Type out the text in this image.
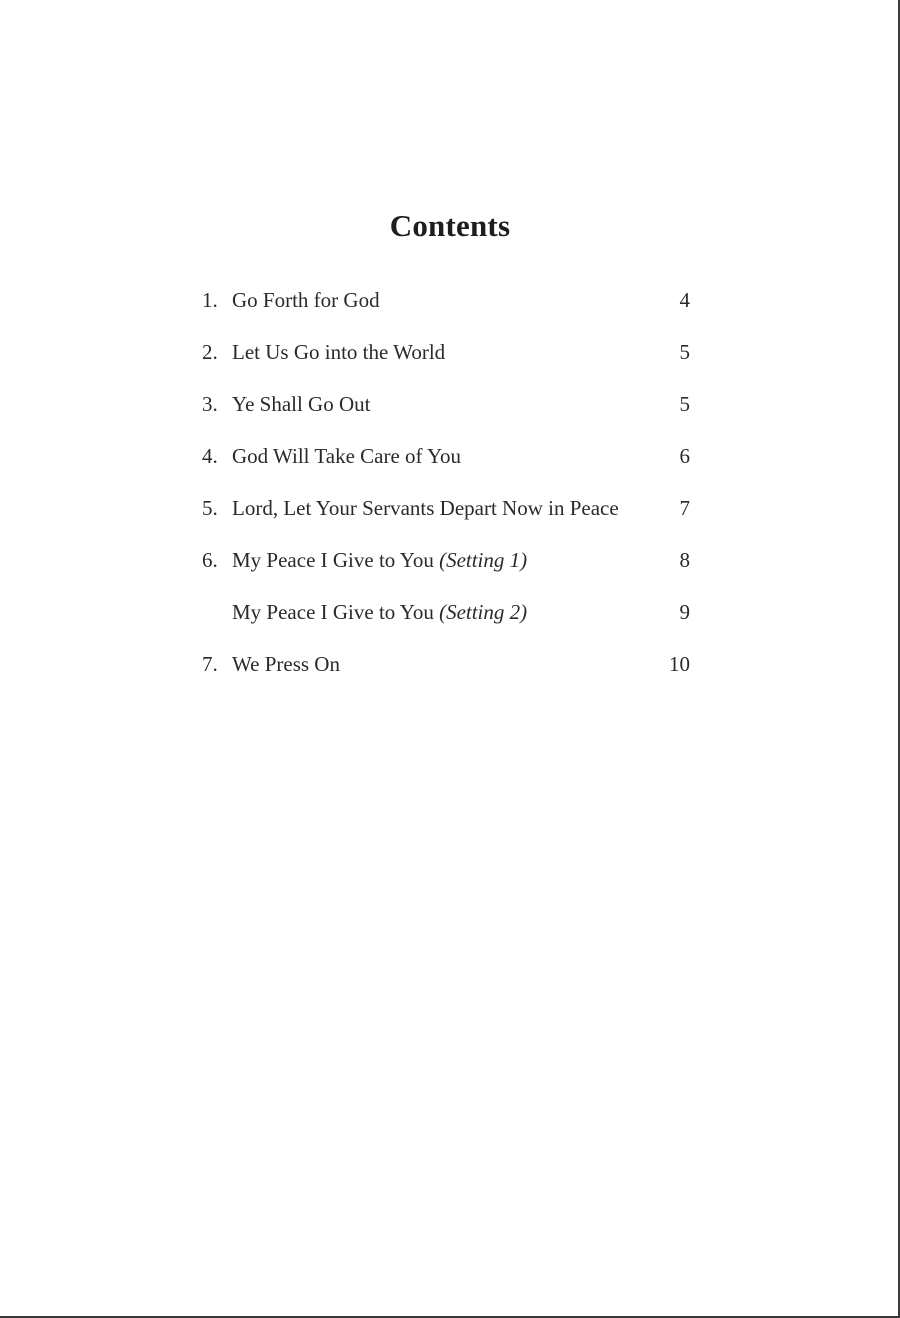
Contents
1. Go Forth for God	4
2. Let Us Go into the World	5
3. Ye Shall Go Out	5
4. God Will Take Care of You	6
5. Lord, Let Your Servants Depart Now in Peace	7
6. My Peace I Give to You (Setting 1)	8
My Peace I Give to You (Setting 2)	9
7. We Press On	10
